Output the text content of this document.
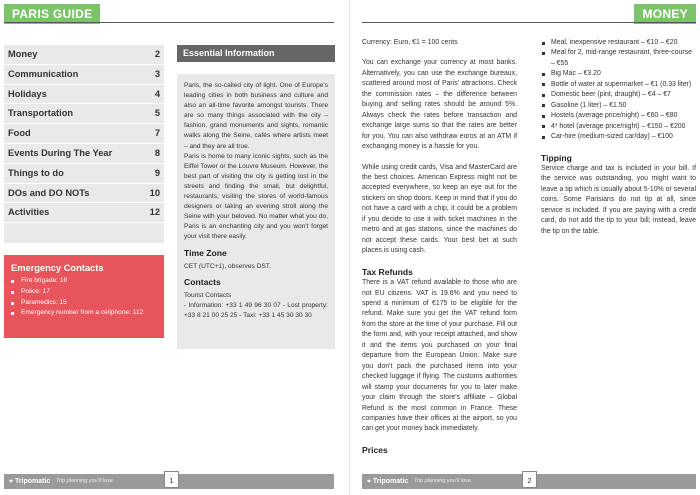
PARIS GUIDE
Money	2
Communication	3
Holidays	4
Transportation	5
Food	7
Events During The Year	8
Things to do	9
DOs and DO NOTs	10
Activities	12
Emergency Contacts
Fire brigade: 18
Police: 17
Paramedics: 15
Emergency number from a cellphone: 112
Essential Information

Paris, the so-called city of light. One of Europe's leading cities in both business and culture and also an all-time favorite amongst tourists. There are so many things associated with the city – fashion, grand monuments and sights, romantic walks along the Seine, cafés where artists meet – and they are all true.

Paris is home to many iconic sights, such as the Eiffel Tower or the Louvre Museum. However, the best part of visiting the city is getting lost in the streets and finding the small, but delightful, restaurants, visiting the stores of world-famous designers or taking an evening stroll along the Seine with your beloved. No matter what you do, Paris is an enchanting city and you won't forget your visit there easily.

Time Zone

CET (UTC+1), observes DST.

Contacts

Tourist Contacts

- Information: +33 1 49 96 30 07 - Lost property: +33 8 21 00 25 25 - Taxi: +33 1 45 30 30 30

⌖ Tripomatic Trip planning you'll love	1
MONEY

Currency: Euro, €1 = 100 cents

You can exchange your currency at most banks. Alternatively, you can use the exchange bureaux, scattered around most of Paris' attractions. Check the commission rates – the difference between buying and selling rates should be around 5%. Always check the rates before transaction and exchange large sums so that the rates are better for you. You can also withdraw euros at an ATM if exchanging money is a hassle for you.

While using credit cards, Visa and MasterCard are the best choices. American Express might not be accepted everywhere, so keep an eye out for the stickers on shop doors. Keep in mind that if you do not have a card with a chip, it could be a problem if you decide to use it with ticket machines in the metro and at gas stations, since the machines do not accept these cards. Your best bet at such places is using cash.

Tax Refunds

There is a VAT refund available to those who are not EU citizens. VAT is 19.6% and you need to spend a minimum of €175 to be eligible for the refund. Make sure you get the VAT refund form from the store at the time of your purchase. Fill out the form and, with your receipt attached, and show it and the items you purchased on your final departure from the European Union. Make sure you don't pack the purchased items into your checked luggage if flying. The customs authorities will stamp your documents for you to later make your claim through the store's affiliate – Global Refund is the most common in France. These companies have their offices at the airport, so you can get your money back immediately.

Prices
Meal, inexpensive restaurant – €10 – €20
Meal for 2, mid-range restaurant, three-course – €55
Big Mac – €3.20
Bottle of water at supermarket – €1 (0.33 liter)
Domestic beer (pint, draught) – €4 – €7
Gasoline (1 liter) – €1.50
Hostels (average price/night) – €60 – €80
4* hotel (average price/night) – €150 – €200
Car-hire (medium-sized car/day) – €100
Tipping

Service charge and tax is included in your bill. If the service was outstanding, you might want to leave a tip which is usually about 5-10% or several coins. Some Parisians do not tip at all, since service is included. If you are paying with a credit card, do not add the tip to your bill; instead, leave the tip on the table.

⌖ Tripomatic Trip planning you'll love	2
